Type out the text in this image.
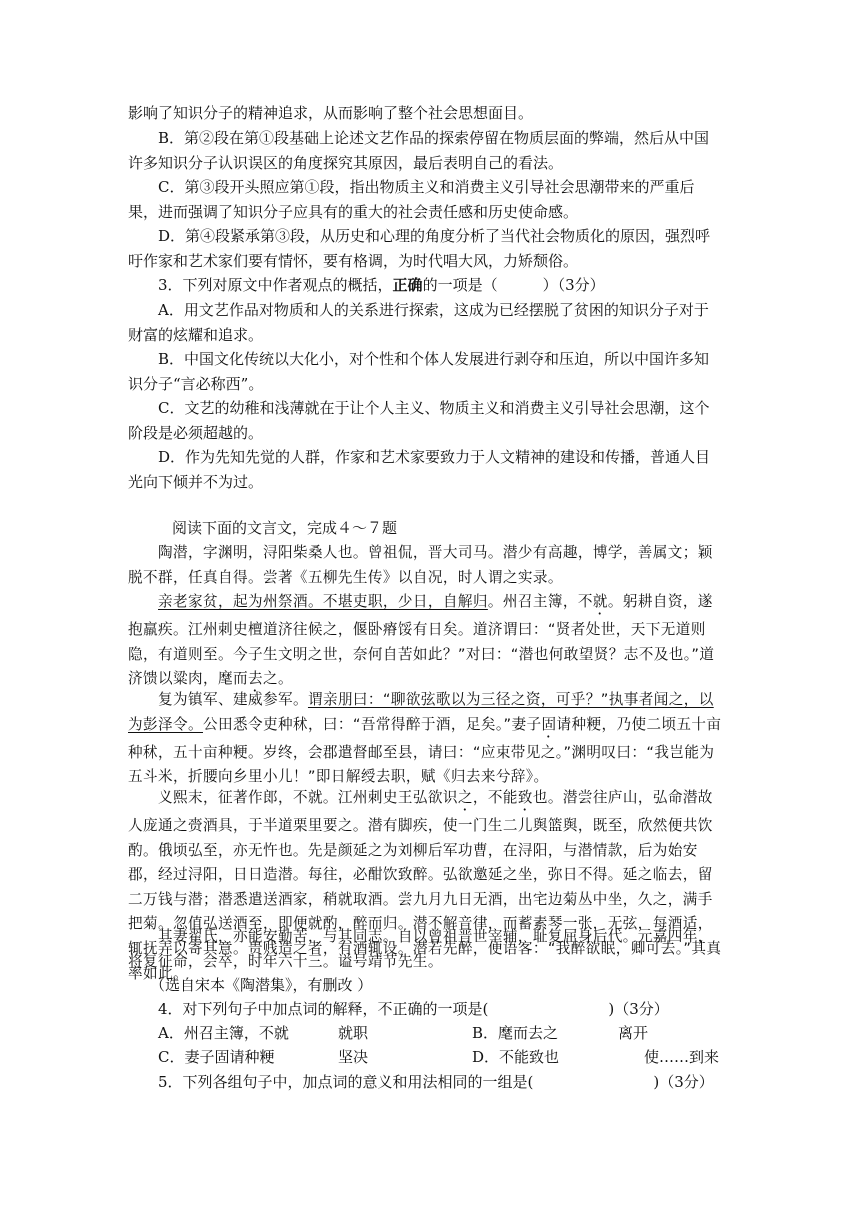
影响了知识分子的精神追求，从而影响了整个社会思想面目。

B．第②段在第①段基础上论述文艺作品的探索停留在物质层面的弊端，然后从中国许多知识分子认识误区的角度探究其原因，最后表明自己的看法。

C．第③段开头照应第①段，指出物质主义和消费主义引导社会思潮带来的严重后果，进而强调了知识分子应具有的重大的社会责任感和历史使命感。

D．第④段紧承第③段，从历史和心理的角度分析了当代社会物质化的原因，强烈呼吁作家和艺术家们要有情怀，要有格调，为时代唱大风，力矫颓俗。

3．下列对原文中作者观点的概括，正确的一项是（　　　）（3分）

A．用文艺作品对物质和人的关系进行探索，这成为已经摆脱了贫困的知识分子对于财富的炫耀和追求。

B．中国文化传统以大化小，对个性和个体人发展进行剥夺和压迫，所以中国许多知识分子“言必称西”。

C．文艺的幼稚和浅薄就在于让个人主义、物质主义和消费主义引导社会思潮，这个阶段是必须超越的。

D．作为先知先觉的人群，作家和艺术家要致力于人文精神的建设和传播，普通人目光向下倾并不为过。

阅读下面的文言文，完成４～７题

陶潜，字渊明，浔阳柴桑人也。曾祖侃，晋大司马。潜少有高趣，博学，善属文；颖脱不群，任真自得。尝著《五柳先生传》以自况，时人谓之实录。

亲老家贫，起为州祭酒。不堪吏职，少日，自解归。州召主簿，不就。躬耕自资，遂抱羸疾。江州刺史檀道济往候之，偃卧瘠馁有日矣。道济谓曰：“贤者处世，天下无道则隐，有道则至。今子生文明之世，奈何自苦如此？”对曰：“潜也何敢望贤？志不及也。”道济馈以粱肉，麾而去之。

复为镇军、建威参军。谓亲朋曰：“聊欲弦歌以为三径之资，可乎？”执事者闻之，以为彭泽令。公田悉令吏种秫，曰：“吾常得醉于酒，足矣。”妻子固请种粳，乃使二顷五十亩种秫，五十亩种粳。岁终，会郡遣督邮至县，请曰：“应束带见之。”渊明叹曰：“我岂能为五斗米，折腰向乡里小儿！”即日解绶去职，赋《归去来兮辞》。

义熙末，征著作郎，不就。江州刺史王弘欲识之，不能致也。潜尝往庐山，弘命潜故人庞通之赍酒具，于半道栗里要之。潜有脚疾，使一门生二儿舆篮舆，既至，欣然便共饮酌。俄顷弘至，亦无忤也。先是颜延之为刘柳后军功曹，在浔阳，与潜情款，后为始安郡，经过浔阳，日日造潜。每往，必酣饮致醉。弘欲邀延之坐，弥日不得。延之临去，留二万钱与潜；潜悉遣送酒家，稍就取酒。尝九月九日无酒，出宅边菊丛中坐，久之，满手把菊。忽值弘送酒至，即便就酌，醉而归。潜不解音律，而蓄素琴一张，无弦，每酒适，辄抚弄以寄其意。贵贱造之者，有酒辄设。潜若先醉，便语客：“我醉欲眠，卿可去。”其真率如此。

其妻翟氏，亦能安勤苦，与其同志。自以曾祖晋世宰辅，耻复屈身后代。元嘉四年，将复征命，会卒，时年六十三。谥号靖节先生。

（选自宋本《陶潜集》，有删改 ）

4．对下列句子中加点词的解释，不正确的一项是(　　　　　　　　)（3分）

A．州召主簿，不就	就职	B．麾而去之	离开
C．妻子固请种粳	坚决	D．不能致也	使……到来

5．下列各组句子中，加点词的意义和用法相同的一组是(　　　　　　　　)（3分）
